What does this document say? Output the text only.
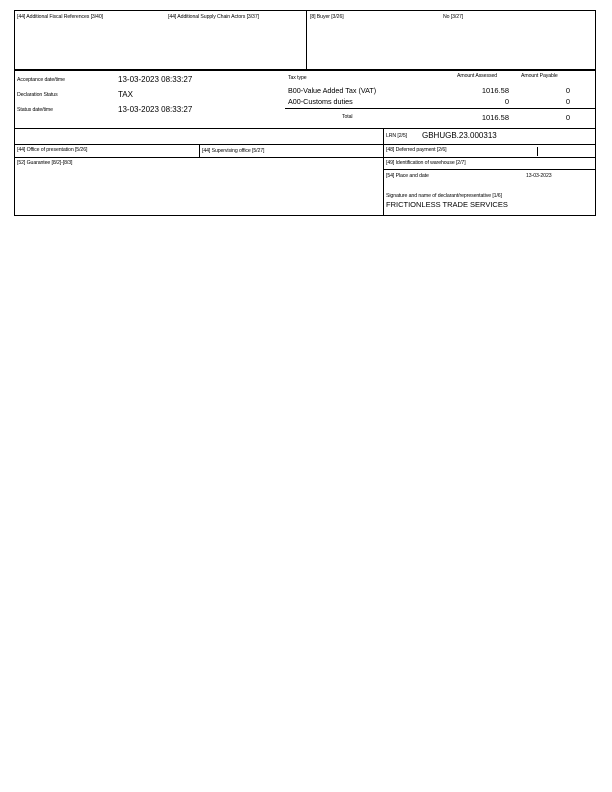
[44] Additional Fiscal References [3/40]	[44] Additional Supply Chain Actors [3/37]	[8] Buyer [3/26]	No [3/27]
Acceptance date/time	13-03-2023 08:33:27
Declaration Status	TAX
Status date/time	13-03-2023 08:33:27
Tax type	Amount Assessed	Amount Payable
B00-Value Added Tax (VAT)	1016.58	0
A00-Customs duties	0	0
Total	1016.58	0
LRN [2/5] GBHUGB.23.000313
[44] Office of presentation [5/26]	[44] Supervising office [5/27]	[48] Deferred payment [2/6]
[52] Guarantee [8/2]-[8/3]	[49] Identification of warehouse [2/7]
[54] Place and date	13-03-2023
Signature and name of declarant/representative [1/6]
FRICTIONLESS TRADE SERVICES
